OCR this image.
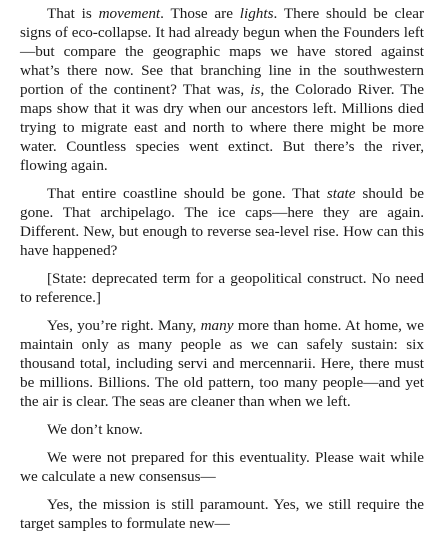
That is movement. Those are lights. There should be clear signs of eco-collapse. It had already begun when the Founders left—but compare the geographic maps we have stored against what’s there now. See that branching line in the southwestern portion of the continent? That was, is, the Colorado River. The maps show that it was dry when our ancestors left. Millions died trying to migrate east and north to where there might be more water. Countless species went extinct. But there’s the river, flowing again.

That entire coastline should be gone. That state should be gone. That archipelago. The ice caps—here they are again. Different. New, but enough to reverse sea-level rise. How can this have happened?

[State: deprecated term for a geopolitical construct. No need to reference.]

Yes, you’re right. Many, many more than home. At home, we maintain only as many people as we can safely sustain: six thousand total, including servi and mercennarii. Here, there must be millions. Billions. The old pattern, too many people—and yet the air is clear. The seas are cleaner than when we left.

We don’t know.

We were not prepared for this eventuality. Please wait while we calculate a new consensus—

Yes, the mission is still paramount. Yes, we still require the target samples to formulate new—
